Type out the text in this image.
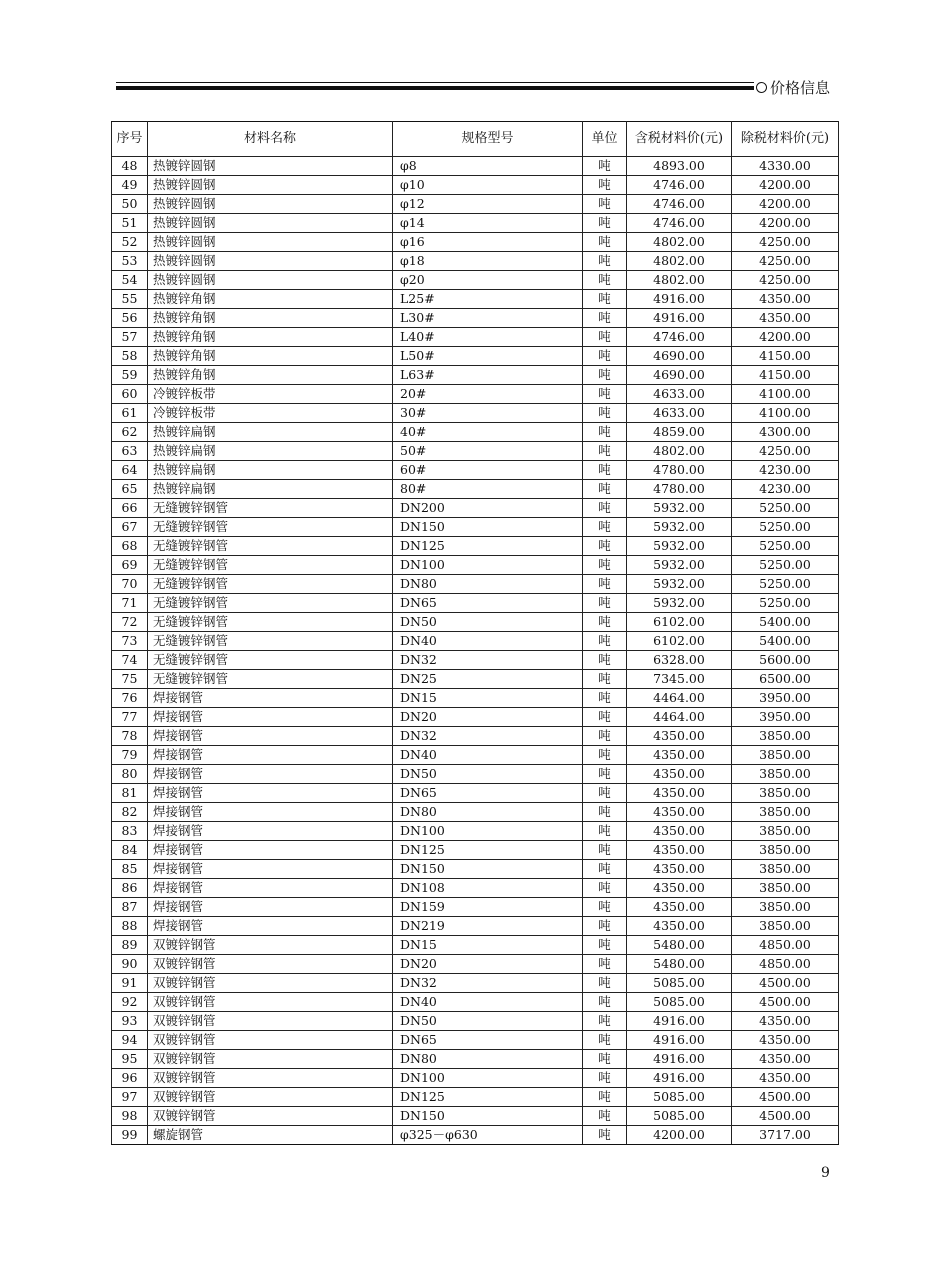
价格信息
序号	材料名称	规格型号	单位	含税材料价(元)	除税材料价(元)
48	热镀锌圆钢	φ8	吨	4893.00	4330.00
49	热镀锌圆钢	φ10	吨	4746.00	4200.00
50	热镀锌圆钢	φ12	吨	4746.00	4200.00
51	热镀锌圆钢	φ14	吨	4746.00	4200.00
52	热镀锌圆钢	φ16	吨	4802.00	4250.00
53	热镀锌圆钢	φ18	吨	4802.00	4250.00
54	热镀锌圆钢	φ20	吨	4802.00	4250.00
55	热镀锌角钢	L25#	吨	4916.00	4350.00
56	热镀锌角钢	L30#	吨	4916.00	4350.00
57	热镀锌角钢	L40#	吨	4746.00	4200.00
58	热镀锌角钢	L50#	吨	4690.00	4150.00
59	热镀锌角钢	L63#	吨	4690.00	4150.00
60	冷镀锌板带	20#	吨	4633.00	4100.00
61	冷镀锌板带	30#	吨	4633.00	4100.00
62	热镀锌扁钢	40#	吨	4859.00	4300.00
63	热镀锌扁钢	50#	吨	4802.00	4250.00
64	热镀锌扁钢	60#	吨	4780.00	4230.00
65	热镀锌扁钢	80#	吨	4780.00	4230.00
66	无缝镀锌钢管	DN200	吨	5932.00	5250.00
67	无缝镀锌钢管	DN150	吨	5932.00	5250.00
68	无缝镀锌钢管	DN125	吨	5932.00	5250.00
69	无缝镀锌钢管	DN100	吨	5932.00	5250.00
70	无缝镀锌钢管	DN80	吨	5932.00	5250.00
71	无缝镀锌钢管	DN65	吨	5932.00	5250.00
72	无缝镀锌钢管	DN50	吨	6102.00	5400.00
73	无缝镀锌钢管	DN40	吨	6102.00	5400.00
74	无缝镀锌钢管	DN32	吨	6328.00	5600.00
75	无缝镀锌钢管	DN25	吨	7345.00	6500.00
76	焊接钢管	DN15	吨	4464.00	3950.00
77	焊接钢管	DN20	吨	4464.00	3950.00
78	焊接钢管	DN32	吨	4350.00	3850.00
79	焊接钢管	DN40	吨	4350.00	3850.00
80	焊接钢管	DN50	吨	4350.00	3850.00
81	焊接钢管	DN65	吨	4350.00	3850.00
82	焊接钢管	DN80	吨	4350.00	3850.00
83	焊接钢管	DN100	吨	4350.00	3850.00
84	焊接钢管	DN125	吨	4350.00	3850.00
85	焊接钢管	DN150	吨	4350.00	3850.00
86	焊接钢管	DN108	吨	4350.00	3850.00
87	焊接钢管	DN159	吨	4350.00	3850.00
88	焊接钢管	DN219	吨	4350.00	3850.00
89	双镀锌钢管	DN15	吨	5480.00	4850.00
90	双镀锌钢管	DN20	吨	5480.00	4850.00
91	双镀锌钢管	DN32	吨	5085.00	4500.00
92	双镀锌钢管	DN40	吨	5085.00	4500.00
93	双镀锌钢管	DN50	吨	4916.00	4350.00
94	双镀锌钢管	DN65	吨	4916.00	4350.00
95	双镀锌钢管	DN80	吨	4916.00	4350.00
96	双镀锌钢管	DN100	吨	4916.00	4350.00
97	双镀锌钢管	DN125	吨	5085.00	4500.00
98	双镀锌钢管	DN150	吨	5085.00	4500.00
99	螺旋钢管	φ325－φ630	吨	4200.00	3717.00
9
